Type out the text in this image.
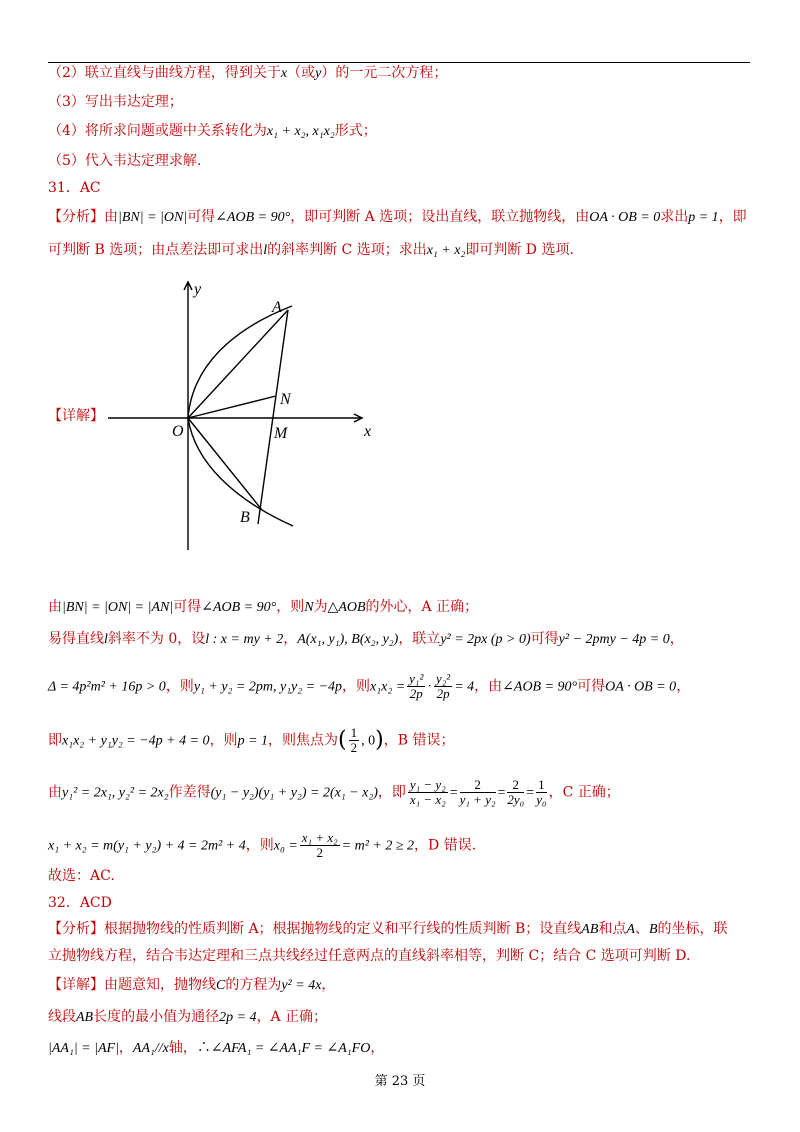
（2）联立直线与曲线方程，得到关于x（或y）的一元二次方程；
（3）写出韦达定理；
（4）将所求问题或题中关系转化为x₁ + x₂, x₁x₂形式；
（5）代入韦达定理求解.
31．AC
【分析】由|BN| = |ON|可得∠AOB = 90°，即可判断 A 选项；设出直线，联立抛物线，由OA · OB = 0求出p = 1，即
可判断 B 选项；由点差法即可求出l的斜率判断 C 选项；求出x₁ + x₂即可判断 D 选项.
【详解】
y
x
O
A
N
M
B
由|BN| = |ON| = |AN|可得∠AOB = 90°，则N为△AOB的外心，A 正确；
易得直线l斜率不为 0，设l : x = my + 2，A(x₁, y₁), B(x₂, y₂)，联立y² = 2px (p > 0)可得y² − 2pmy − 4p = 0，
Δ = 4p²m² + 16p > 0，则y₁ + y₂ = 2pm, y₁y₂ = −4p，则$x_1x_2 = \frac{\text{y₁²}}{2p} \cdot \frac{\text{y₂²}}{2p} = 4$，由∠AOB = 90°可得OA · OB = 0，
即x₁x₂ + y₁y₂ = −4p + 4 = 0，则p = 1，则焦点为( $\frac{1}{2}$ , 0)，B 错误；
由y₁² = 2x₁, y₂² = 2x₂作差得(y₁ − y₂)(y₁ + y₂) = 2(x₁ − x₂)，即 $\frac{\text{y₁ − y₂}}{\text{x₁ − x₂}} = \frac{2}{\text{y₁ + y₂}} = \frac{2}{\text{2y₀}} = \frac{1}{\text{y₀}}$ ，C 正确；
x₁ + x₂ = m(y₁ + y₂) + 4 = 2m² + 4，则$x_0 = \frac{\text{x₁ + x₂}}{2} = m^2 + 2 \ge 2$，D 错误.
故选：AC.
32．ACD
【分析】根据抛物线的性质判断 A；根据抛物线的定义和平行线的性质判断 B；设直线AB和点A、B的坐标，联
立抛物线方程，结合韦达定理和三点共线经过任意两点的直线斜率相等，判断 C；结合 C 选项可判断 D.
【详解】由题意知，抛物线C的方程为y² = 4x，
线段AB长度的最小值为通径2p = 4，A 正确；
|AA₁| = |AF|，AA₁//x轴，∴∠AFA₁ = ∠AA₁F = ∠A₁FO，
第 23 页
